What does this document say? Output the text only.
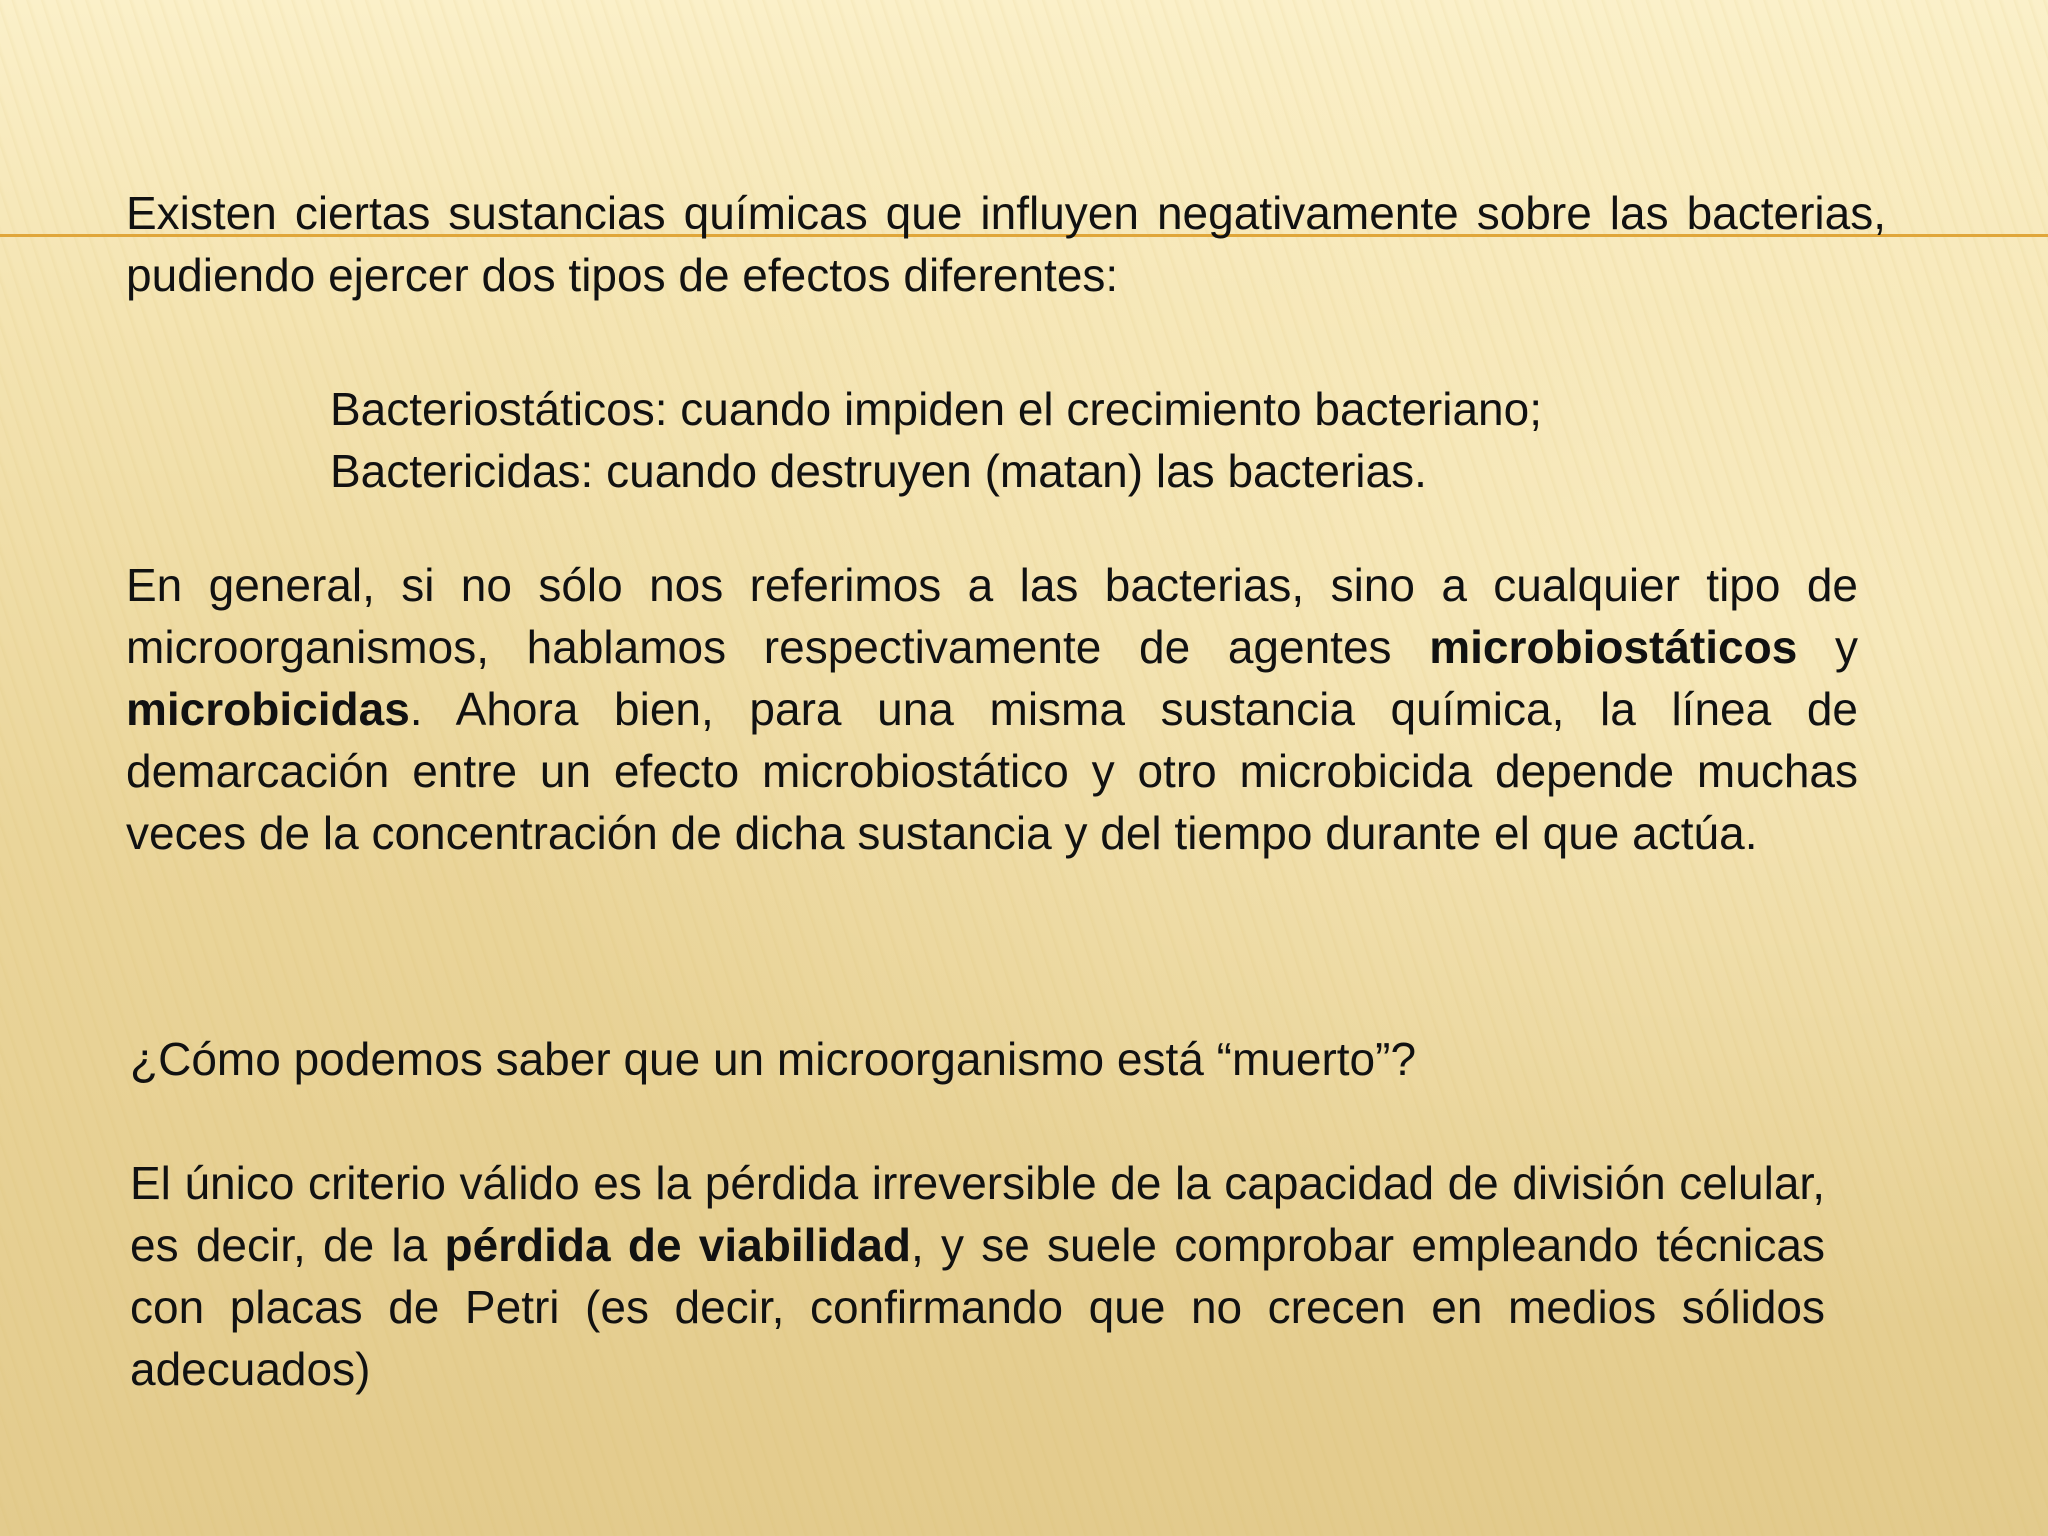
Existen ciertas sustancias químicas que influyen negativamente sobre las bacterias, pudiendo ejercer dos tipos de efectos diferentes:
Bacteriostáticos: cuando impiden el crecimiento bacteriano;
Bactericidas: cuando destruyen (matan) las bacterias.
En general, si no sólo nos referimos a las bacterias, sino a cualquier tipo de microorganismos, hablamos respectivamente de agentes microbiostáticos y microbicidas. Ahora bien, para una misma sustancia química, la línea de demarcación entre un efecto microbiostático y otro microbicida depende muchas veces de la concentración de dicha sustancia y del tiempo durante el que actúa.
¿Cómo podemos saber que un microorganismo está “muerto”?
El único criterio válido es la pérdida irreversible de la capacidad de división celular, es decir, de la pérdida de viabilidad, y se suele comprobar empleando técnicas con placas de Petri (es decir, confirmando que no crecen en medios sólidos adecuados)
